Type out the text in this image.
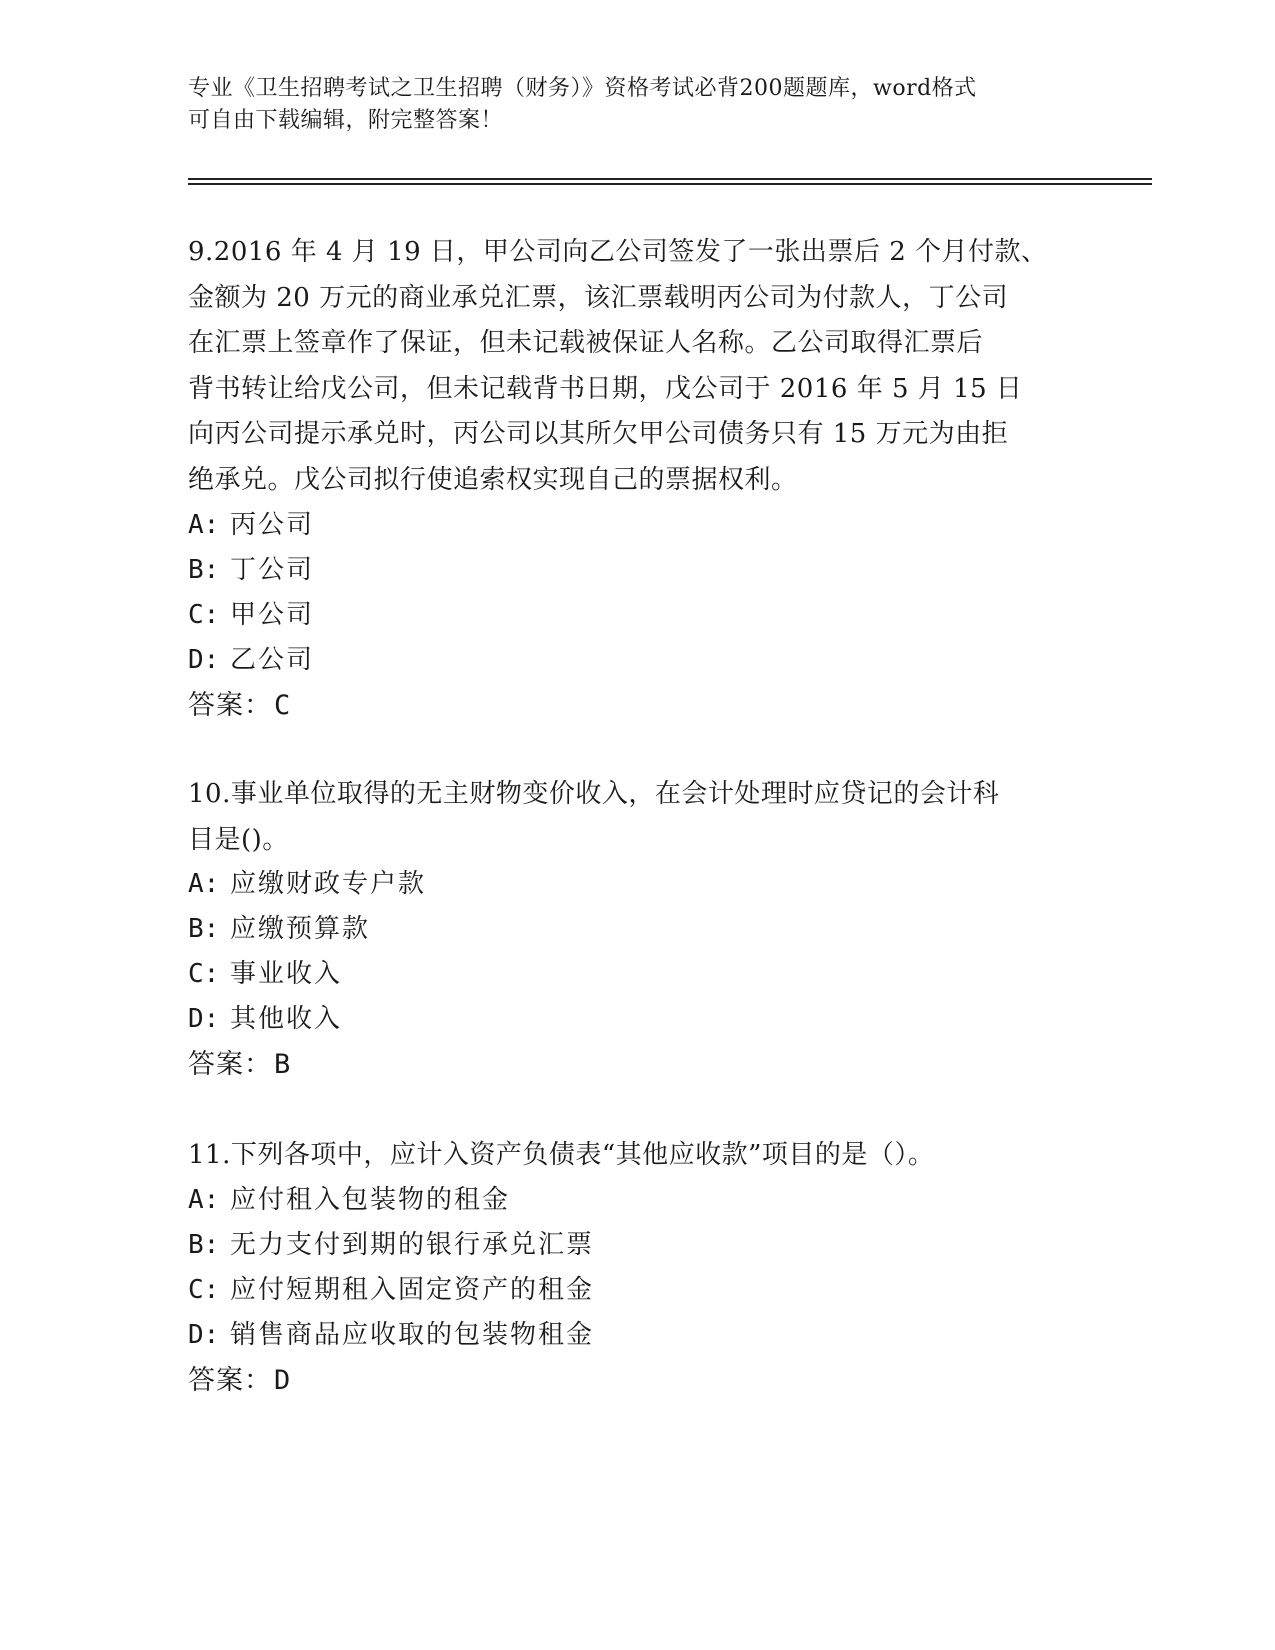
专业《卫生招聘考试之卫生招聘（财务）》资格考试必背200题题库，word格式
可自由下载编辑，附完整答案！
9.2016 年 4 月 19 日，甲公司向乙公司签发了一张出票后 2 个月付款、
金额为 20 万元的商业承兑汇票，该汇票载明丙公司为付款人，丁公司
在汇票上签章作了保证，但未记载被保证人名称。乙公司取得汇票后
背书转让给戊公司，但未记载背书日期，戊公司于 2016 年 5 月 15 日
向丙公司提示承兑时，丙公司以其所欠甲公司债务只有 15 万元为由拒
绝承兑。戊公司拟行使追索权实现自己的票据权利。
A: 丙公司
B: 丁公司
C: 甲公司
D: 乙公司
答案：C
10.事业单位取得的无主财物变价收入，在会计处理时应贷记的会计科
目是()。
A: 应缴财政专户款
B: 应缴预算款
C: 事业收入
D: 其他收入
答案：B
11.下列各项中，应计入资产负债表“其他应收款”项目的是（）。
A: 应付租入包装物的租金
B: 无力支付到期的银行承兑汇票
C: 应付短期租入固定资产的租金
D: 销售商品应收取的包装物租金
答案：D
